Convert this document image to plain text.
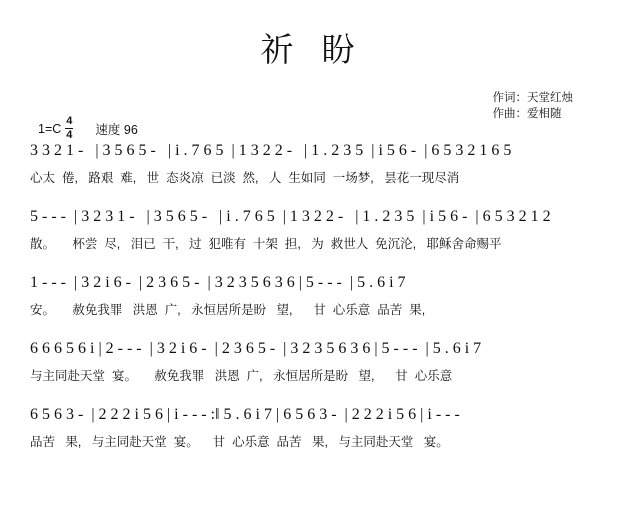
祈 盼
作词：天堂红烛
作曲：爱相随
$1=C \frac{4}{4}$ 速度 96
3 3 2 1 -   | 3 5 6 5 -   | i . 7 6 5  | 1 3 2 2 -   | 1 . 2 3 5  | i 5 6 -  | 6 5 3 2 1 6 5
心太  倦,   路艰  难,   世  态炎凉  已淡  然,   人  生如同  一场梦,   昙花一现尽消
5 - - -  | 3 2 3 1 -   | 3 5 6 5 -   | i . 7 6 5  | 1 3 2 2 -   | 1 . 2 3 5  | i 5 6 -  | 6 5 3 2 1 2
散。     杯尝  尽,   泪已  干,   过  犯唯有  十架  担,   为  救世人  免沉沦,   耶稣舍命赐平
1 - - -  | 3 2 i 6 -  | 2 3 6 5 -  | 3 2 3 5 6 3 6 | 5 - - -  | 5 . 6 i 7
安。     赦免我罪   洪恩  广,   永恒居所是盼   望,      甘  心乐意  品苦  果,
6 6 6 5 6 i | 2 - - -  | 3 2 i 6 -  | 2 3 6 5 -  | 3 2 3 5 6 3 6 | 5 - - -  | 5 . 6 i 7
与主同赴天堂  宴。     赦免我罪   洪恩  广,   永恒居所是盼   望,      甘  心乐意
6 5 6 3 -  | 2 2 2 i 5 6 | i - - - :‖ 5 . 6 i 7 | 6 5 6 3 -  | 2 2 2 i 5 6 | i - - -
品苦   果,   与主同赴天堂  宴。    甘  心乐意  品苦   果,   与主同赴天堂   宴。
